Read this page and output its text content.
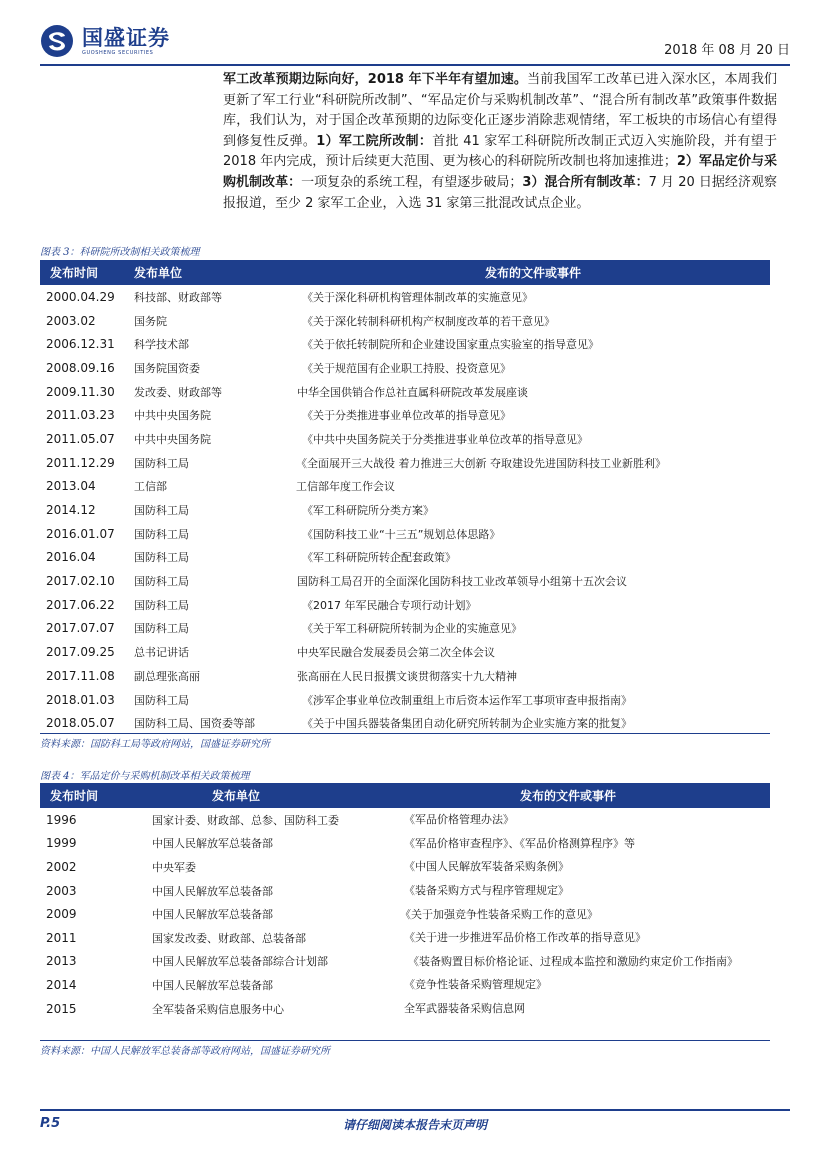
国盛证券
GUOSHENG SECURITIES	2018 年 08 月 20 日
军工改革预期边际向好，2018 年下半年有望加速。当前我国军工改革已进入深水区，本周我们更新了军工行业“科研院所改制”、“军品定价与采购机制改革”、“混合所有制改革”政策事件数据库，我们认为，对于国企改革预期的边际变化正逐步消除悲观情绪，军工板块的市场信心有望得到修复性反弹。1）军工院所改制：首批 41 家军工科研院所改制正式迈入实施阶段，并有望于 2018 年内完成，预计后续更大范围、更为核心的科研院所改制也将加速推进；2）军品定价与采购机制改革：一项复杂的系统工程，有望逐步破局；3）混合所有制改革：7 月 20 日据经济观察报报道，至少 2 家军工企业，入选 31 家第三批混改试点企业。
图表 3：科研院所改制相关政策梳理
发布时间	发布单位	发布的文件或事件
2000.04.29	科技部、财政部等	《关于深化科研机构管理体制改革的实施意见》
2003.02	国务院	《关于深化转制科研机构产权制度改革的若干意见》
2006.12.31	科学技术部	《关于依托转制院所和企业建设国家重点实验室的指导意见》
2008.09.16	国务院国资委	《关于规范国有企业职工持股、投资意见》
2009.11.30	发改委、财政部等	中华全国供销合作总社直属科研院改革发展座谈
2011.03.23	中共中央国务院	《关于分类推进事业单位改革的指导意见》
2011.05.07	中共中央国务院	《中共中央国务院关于分类推进事业单位改革的指导意见》
2011.12.29	国防科工局	《全面展开三大战役 着力推进三大创新 夺取建设先进国防科技工业新胜利》
2013.04	工信部	工信部年度工作会议
2014.12	国防科工局	《军工科研院所分类方案》
2016.01.07	国防科工局	《国防科技工业“十三五”规划总体思路》
2016.04	国防科工局	《军工科研院所转企配套政策》
2017.02.10	国防科工局	国防科工局召开的全面深化国防科技工业改革领导小组第十五次会议
2017.06.22	国防科工局	《2017 年军民融合专项行动计划》
2017.07.07	国防科工局	《关于军工科研院所转制为企业的实施意见》
2017.09.25	总书记讲话	中央军民融合发展委员会第二次全体会议
2017.11.08	副总理张高丽	张高丽在人民日报撰文谈贯彻落实十九大精神
2018.01.03	国防科工局	《涉军企事业单位改制重组上市后资本运作军工事项审查申报指南》
2018.05.07	国防科工局、国资委等部	《关于中国兵器装备集团自动化研究所转制为企业实施方案的批复》
资料来源：国防科工局等政府网站，国盛证券研究所
图表 4：军品定价与采购机制改革相关政策梳理
发布时间	发布单位	发布的文件或事件
1996	国家计委、财政部、总参、国防科工委	《军品价格管理办法》
1999	中国人民解放军总装备部	《军品价格审查程序》、《军品价格测算程序》等
2002	中央军委	《中国人民解放军装备采购条例》
2003	中国人民解放军总装备部	《装备采购方式与程序管理规定》
2009	中国人民解放军总装备部	《关于加强竞争性装备采购工作的意见》
2011	国家发改委、财政部、总装备部	《关于进一步推进军品价格工作改革的指导意见》
2013	中国人民解放军总装备部综合计划部	《装备购置目标价格论证、过程成本监控和激励约束定价工作指南》
2014	中国人民解放军总装备部	《竞争性装备采购管理规定》
2015	全军装备采购信息服务中心	全军武器装备采购信息网
资料来源：中国人民解放军总装备部等政府网站，国盛证券研究所
P.5	请仔细阅读本报告末页声明
